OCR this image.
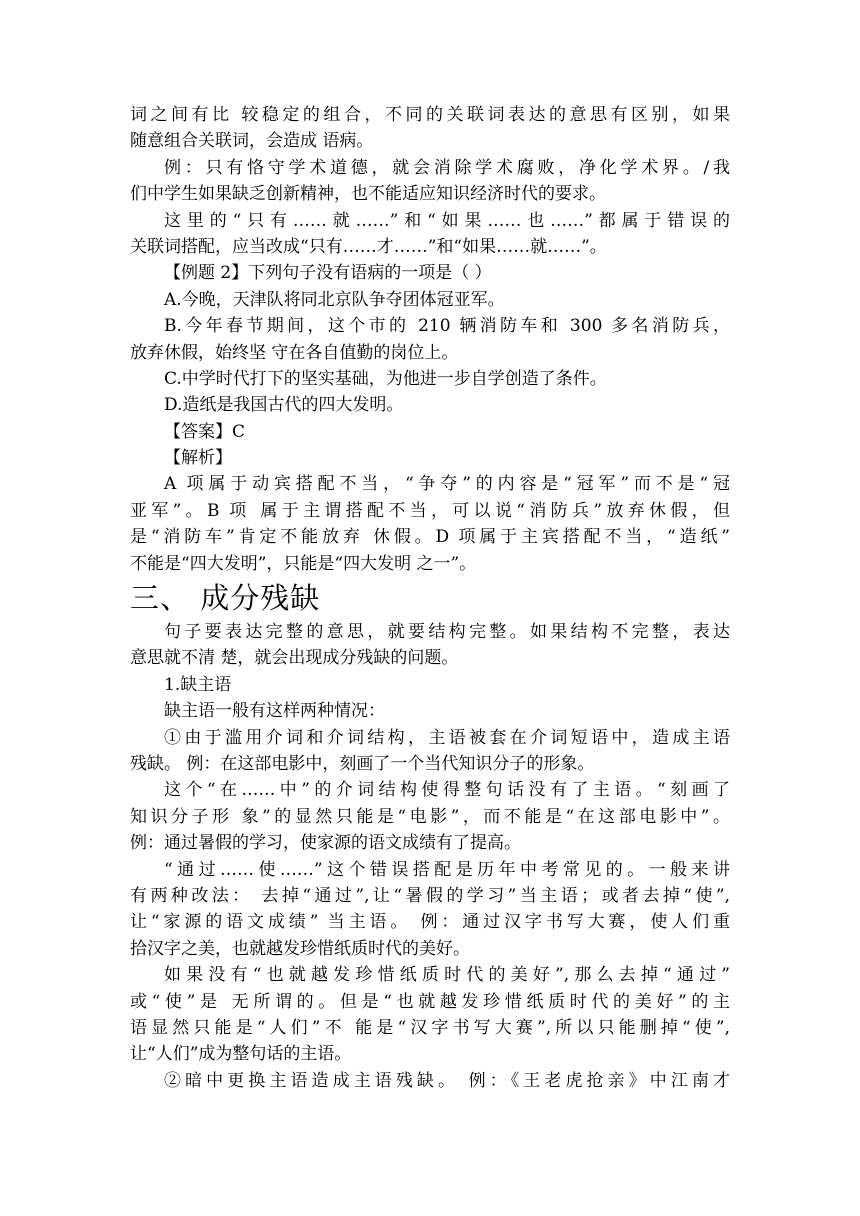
词之间有比 较稳定的组合，不同的关联词表达的意思有区别，如果
随意组合关联词，会造成 语病。
例：只有恪守学术道德，就会消除学术腐败，净化学术界。/我
们中学生如果缺乏创新精神，也不能适应知识经济时代的要求。
这里的“只有……就……”和“如果……也……”都属于错误的
关联词搭配，应当改成“只有……才……”和“如果……就……”。
【例题 2】下列句子没有语病的一项是（ ）
A.今晚，天津队将同北京队争夺团体冠亚军。
B.今年春节期间，这个市的 210 辆消防车和 300 多名消防兵，
放弃休假，始终坚 守在各自值勤的岗位上。
C.中学时代打下的坚实基础，为他进一步自学创造了条件。
D.造纸是我国古代的四大发明。
【答案】C
【解析】
A 项属于动宾搭配不当，“争夺”的内容是“冠军”而不是“冠
亚军”。B 项 属于主谓搭配不当，可以说“消防兵”放弃休假，但
是“消防车”肯定不能放弃 休假。D 项属于主宾搭配不当，“造纸”
不能是“四大发明”，只能是“四大发明 之一”。
三、 成分残缺
句子要表达完整的意思，就要结构完整。如果结构不完整，表达
意思就不清 楚，就会出现成分残缺的问题。
1.缺主语
缺主语一般有这样两种情况：
①由于滥用介词和介词结构，主语被套在介词短语中，造成主语
残缺。 例：在这部电影中，刻画了一个当代知识分子的形象。
这个“在……中”的介词结构使得整句话没有了主语。“刻画了
知识分子形 象”的显然只能是“电影”，而不能是“在这部电影中”。
例：通过暑假的学习，使家源的语文成绩有了提高。
“通过……使……”这个错误搭配是历年中考常见的。一般来讲
有两种改法： 去掉“通过”,让“暑假的学习”当主语；或者去掉“使”,
让“家源的语文成绩” 当主语。 例：通过汉字书写大赛，使人们重
拾汉字之美，也就越发珍惜纸质时代的美好。
如果没有“也就越发珍惜纸质时代的美好”,那么去掉“通过”
或“使”是 无所谓的。但是“也就越发珍惜纸质时代的美好”的主
语显然只能是“人们”不 能是“汉字书写大赛”,所以只能删掉“使”,
让“人们”成为整句话的主语。
②暗中更换主语造成主语残缺。 例：《王老虎抢亲》中江南才
